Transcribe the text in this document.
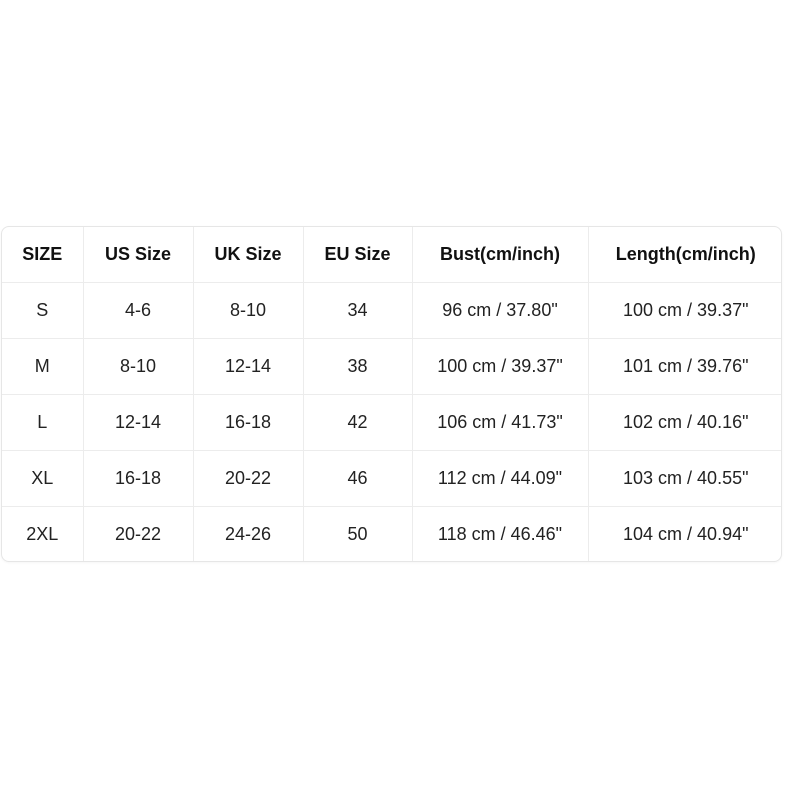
SIZE	US Size	UK Size	EU Size	Bust(cm/inch)	Length(cm/inch)
S	4-6	8-10	34	96 cm / 37.80"	100 cm / 39.37"
M	8-10	12-14	38	100 cm / 39.37"	101 cm / 39.76"
L	12-14	16-18	42	106 cm / 41.73"	102 cm / 40.16"
XL	16-18	20-22	46	112 cm / 44.09"	103 cm / 40.55"
2XL	20-22	24-26	50	118 cm / 46.46"	104 cm / 40.94"
